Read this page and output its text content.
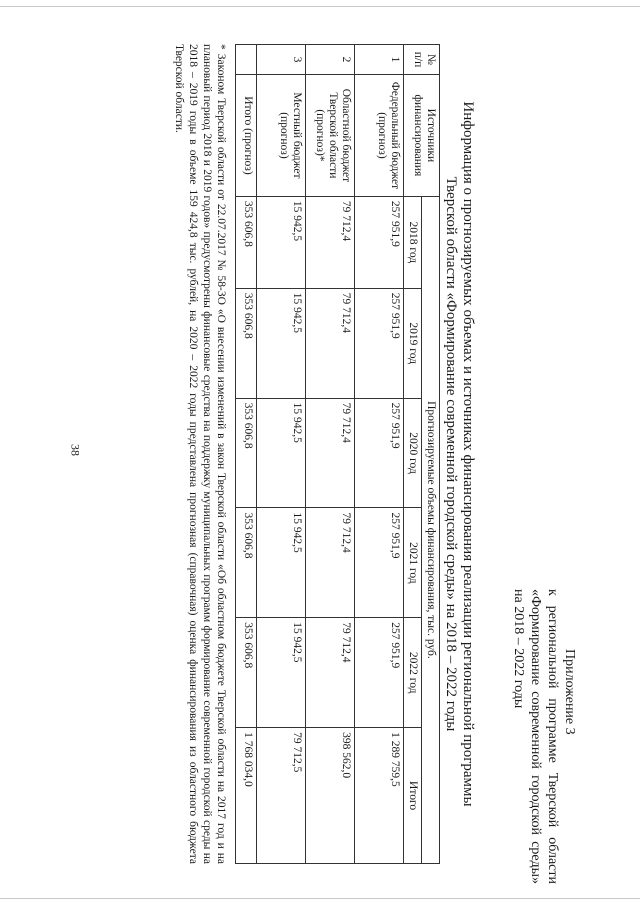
38
Приложение 3
к
региональной
программе
Тверской
области
«Формирование
современной
городской
среды»
на 2018 – 2022 годы
Информация о прогнозируемых объемах и источниках финансирования реализации региональной программы
Тверской области «Формирование современной городской среды» на 2018 – 2022 годы
№ п/п	Источники финансирования	Прогнозируемые объемы финансирования, тыс. руб.					
		2018 год	2019 год	2020 год	2021 год	2022 год	Итого
1	Федеральный бюджет (прогноз)	257 951,9	257 951,9	257 951,9	257 951,9	257 951,9	1 289 759,5
2	Областной бюджет Тверской области (прогноз)*	79 712,4	79 712,4	79 712,4	79 712,4	79 712,4	398 562,0
3	Местный бюджет (прогноз)	15 942,5	15 942,5	15 942,5	15 942,5	15 942,5	79 712,5
	Итого (прогноз)	353 606,8	353 606,8	353 606,8	353 606,8	353 606,8	1 768 034,0
* Законом Тверской области от 22.07.2017 № 58-ЗО «О внесении изменений в закон Тверской области «Об областном бюджете Тверской области на 2017 год и на плановый период 2018 и 2019 годов» предусмотрены финансовые средства на поддержку муниципальных программ формирование современной городской среды на 2018 – 2019 годы в объеме 159 424,8 тыс. рублей, на 2020 – 2022 годы представлена прогнозная (справочная) оценка финансирования из областного бюджета Тверской области.
